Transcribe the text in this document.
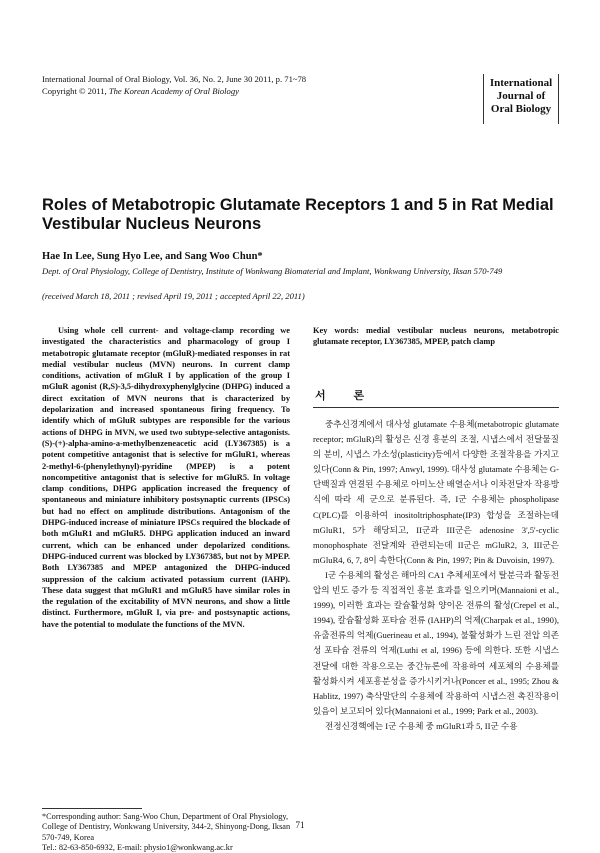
International Journal of Oral Biology, Vol. 36, No. 2, June 30 2011, p. 71~78
Copyright © 2011, The Korean Academy of Oral Biology
International
Journal of
Oral Biology
Roles of Metabotropic Glutamate Receptors 1 and 5 in Rat Medial Vestibular Nucleus Neurons
Hae In Lee, Sung Hyo Lee, and Sang Woo Chun*
Dept. of Oral Physiology, College of Dentistry, Institute of Wonkwang Biomaterial and Implant, Wonkwang University, Iksan 570-749
(received March 18, 2011 ; revised April 19, 2011 ; accepted April 22, 2011)
Using whole cell current- and voltage-clamp recording we investigated the characteristics and pharmacology of group I metabotropic glutamate receptor (mGluR)-mediated responses in rat medial vestibular nucleus (MVN) neurons. In current clamp conditions, activation of mGluR I by application of the group I mGluR agonist (R,S)-3,5-dihydroxyphenylglycine (DHPG) induced a direct excitation of MVN neurons that is characterized by depolarization and increased spontaneous firing frequency. To identify which of mGluR subtypes are responsible for the various actions of DHPG in MVN, we used two subtype-selective antagonists. (S)-(+)-alpha-amino-a-methylbenzeneacetic acid (LY367385) is a potent competitive antagonist that is selective for mGluR1, whereas 2-methyl-6-(phenylethynyl)-pyridine (MPEP) is a potent noncompetitive antagonist that is selective for mGluR5. In voltage clamp conditions, DHPG application increased the frequency of spontaneous and miniature inhibitory postsynaptic currents (IPSCs) but had no effect on amplitude distributions. Antagonism of the DHPG-induced increase of miniature IPSCs required the blockade of both mGluR1 and mGluR5. DHPG application induced an inward current, which can be enhanced under depolarized conditions. DHPG-induced current was blocked by LY367385, but not by MPEP. Both LY367385 and MPEP antagonized the DHPG-induced suppression of the calcium activated potassium current (IAHP). These data suggest that mGluR1 and mGluR5 have similar roles in the regulation of the excitability of MVN neurons, and show a little distinct. Furthermore, mGluR I, via pre- and postsynaptic actions, have the potential to modulate the functions of the MVN.
*Corresponding author: Sang-Woo Chun, Department of Oral Physiology, College of Dentistry, Wonkwang University, 344-2, Shinyong-Dong, Iksan 570-749, Korea
Tel.: 82-63-850-6932, E-mail: physio1@wonkwang.ac.kr
Key words: medial vestibular nucleus neurons, metabotropic glutamate receptor, LY367385, MPEP, patch clamp
서 론

중추신경계에서 대사성 glutamate 수용체(metabotropic glutamate receptor; mGluR)의 활성은 신경 흥분의 조절, 시냅스에서 전달물질의 분비, 시냅스 가소성(plasticity)등에서 다양한 조절작용을 가지고 있다(Conn & Pin, 1997; Anwyl, 1999). 대사성 glutamate 수용체는 G-단백질과 연결된 수용체로 아미노산 배열순서나 이차전달자 작용방식에 따라 세 군으로 분류된다. 즉, I군 수용체는 phospholipase C(PLC)를 이용하여 inositoltriphosphate(IP3) 합성을 조절하는데 mGluR1, 5가 해당되고, II군과 III군은 adenosine 3',5'-cyclic monophosphate 전달계와 관련되는데 II군은 mGluR2, 3, III군은 mGluR4, 6, 7, 8이 속한다(Conn & Pin, 1997; Pin & Duvoisin, 1997).

I군 수용체의 활성은 해마의 CA1 추체세포에서 탈분극과 활동전압의 빈도 증가 등 직접적인 흥분 효과를 일으키며(Mannaioni et al., 1999), 이러한 효과는 칼슘활성화 양이온 전류의 활성(Crepel et al., 1994), 칼슘활성화 포타슘 전류 (IAHP)의 억제(Charpak et al., 1990), 유출전류의 억제(Guerineau et al., 1994), 불활성화가 느린 전압 의존성 포타슘 전류의 억제(Luthi et al, 1996) 등에 의한다. 또한 시냅스 전달에 대한 작용으로는 중간뉴론에 작용하여 세포체의 수용체를 활성화시켜 세포흥분성을 증가시키거나(Poncer et al., 1995; Zhou & Hablitz, 1997) 축삭말단의 수용체에 작용하여 시냅스전 촉진작용이 있음이 보고되어 있다(Mannaioni et al., 1999; Park et al., 2003).

전정신경핵에는 I군 수용체 중 mGluR1과 5, II군 수용

71
